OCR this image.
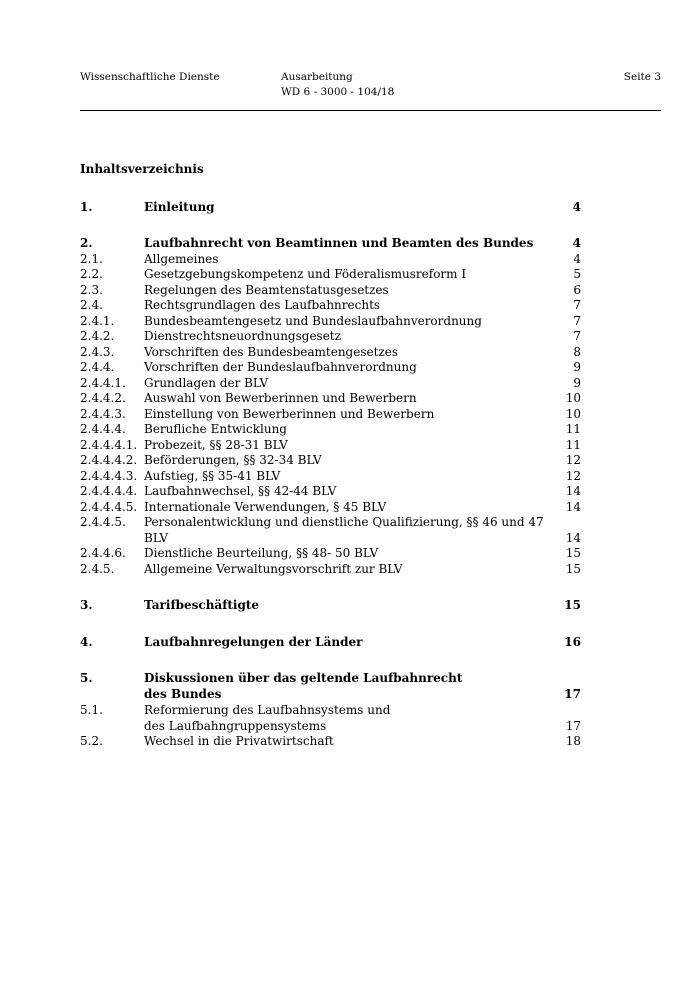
Wissenschaftliche Dienste	Ausarbeitung
WD 6 - 3000 - 104/18
Seite 3
Inhaltsverzeichnis
1.	Einleitung	4
2.	Laufbahnrecht von Beamtinnen und Beamten des Bundes	4
2.1.	Allgemeines	4
2.2.	Gesetzgebungskompetenz und Föderalismusreform I	5
2.3.	Regelungen des Beamtenstatusgesetzes	6
2.4.	Rechtsgrundlagen des Laufbahnrechts	7
2.4.1. Bundesbeamtengesetz und Bundeslaufbahnverordnung	7
2.4.2. Dienstrechtsneuordnungsgesetz	7
2.4.3. Vorschriften des Bundesbeamtengesetzes	8
2.4.4. Vorschriften der Bundeslaufbahnverordnung	9
2.4.4.1. Grundlagen der BLV	9
2.4.4.2. Auswahl von Bewerberinnen und Bewerbern	10
2.4.4.3. Einstellung von Bewerberinnen und Bewerbern	10
2.4.4.4. Berufliche Entwicklung	11
2.4.4.4.1. Probezeit, §§ 28-31 BLV	11
2.4.4.4.2. Beförderungen, §§ 32-34 BLV	12
2.4.4.4.3. Aufstieg, §§ 35-41 BLV	12
2.4.4.4.4. Laufbahnwechsel, §§ 42-44 BLV	14
2.4.4.4.5. Internationale Verwendungen, § 45 BLV	14
2.4.4.5. Personalentwicklung und dienstliche Qualifizierung, §§ 46 und 47 BLV	14
2.4.4.6. Dienstliche Beurteilung, §§ 48- 50 BLV	15
2.4.5. Allgemeine Verwaltungsvorschrift zur BLV	15
3.	Tarifbeschäftigte	15
4.	Laufbahnregelungen der Länder	16
5.	Diskussionen über das geltende Laufbahnrecht des Bundes	17
5.1.	Reformierung des Laufbahnsystems und des Laufbahngruppensystems	17
5.2.	Wechsel in die Privatwirtschaft	18
